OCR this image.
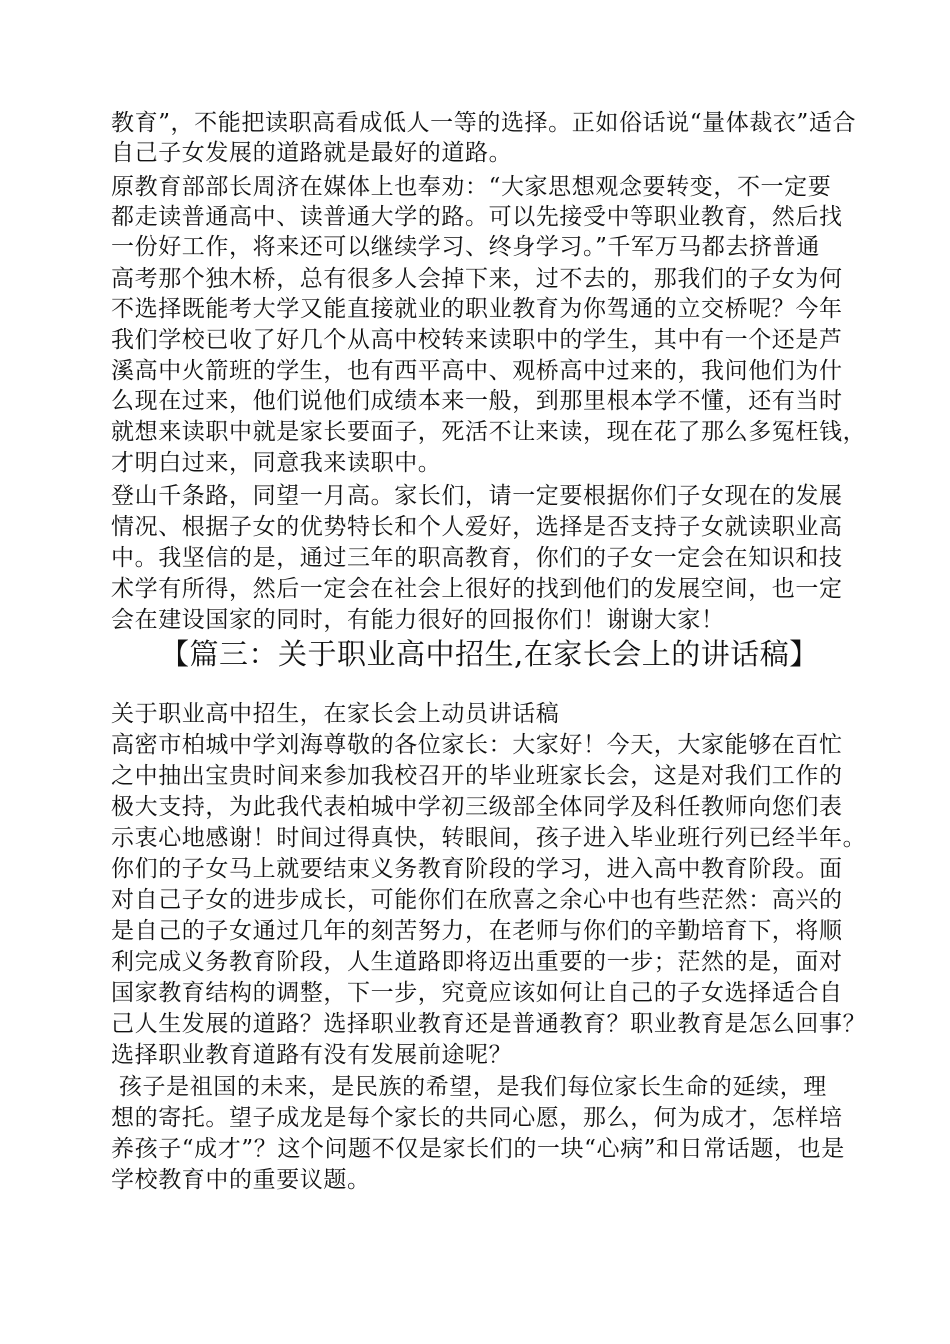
教育”，不能把读职高看成低人一等的选择。正如俗话说“量体裁衣”适合
自己子女发展的道路就是最好的道路。
原教育部部长周济在媒体上也奉劝：“大家思想观念要转变，不一定要
都走读普通高中、读普通大学的路。可以先接受中等职业教育，然后找
一份好工作，将来还可以继续学习、终身学习。”千军万马都去挤普通
高考那个独木桥，总有很多人会掉下来，过不去的，那我们的子女为何
不选择既能考大学又能直接就业的职业教育为你驾通的立交桥呢？今年
我们学校已收了好几个从高中校转来读职中的学生，其中有一个还是芦
溪高中火箭班的学生，也有西平高中、观桥高中过来的，我问他们为什
么现在过来，他们说他们成绩本来一般，到那里根本学不懂，还有当时
就想来读职中就是家长要面子，死活不让来读，现在花了那么多冤枉钱，
才明白过来，同意我来读职中。
登山千条路，同望一月高。家长们，请一定要根据你们子女现在的发展
情况、根据子女的优势特长和个人爱好，选择是否支持子女就读职业高
中。我坚信的是，通过三年的职高教育，你们的子女一定会在知识和技
术学有所得，然后一定会在社会上很好的找到他们的发展空间，也一定
会在建设国家的同时，有能力很好的回报你们！谢谢大家！
【篇三：关于职业高中招生,在家长会上的讲话稿】
关于职业高中招生，在家长会上动员讲话稿
高密市柏城中学刘海尊敬的各位家长：大家好！今天，大家能够在百忙
之中抽出宝贵时间来参加我校召开的毕业班家长会，这是对我们工作的
极大支持，为此我代表柏城中学初三级部全体同学及科任教师向您们表
示衷心地感谢！时间过得真快，转眼间，孩子进入毕业班行列已经半年。
你们的子女马上就要结束义务教育阶段的学习，进入高中教育阶段。面
对自己子女的进步成长，可能你们在欣喜之余心中也有些茫然：高兴的
是自己的子女通过几年的刻苦努力，在老师与你们的辛勤培育下，将顺
利完成义务教育阶段，人生道路即将迈出重要的一步；茫然的是，面对
国家教育结构的调整，下一步，究竟应该如何让自己的子女选择适合自
己人生发展的道路？选择职业教育还是普通教育？职业教育是怎么回事？
选择职业教育道路有没有发展前途呢？
孩子是祖国的未来，是民族的希望，是我们每位家长生命的延续，理
想的寄托。望子成龙是每个家长的共同心愿，那么，何为成才，怎样培
养孩子“成才”？这个问题不仅是家长们的一块“心病”和日常话题，也是
学校教育中的重要议题。
